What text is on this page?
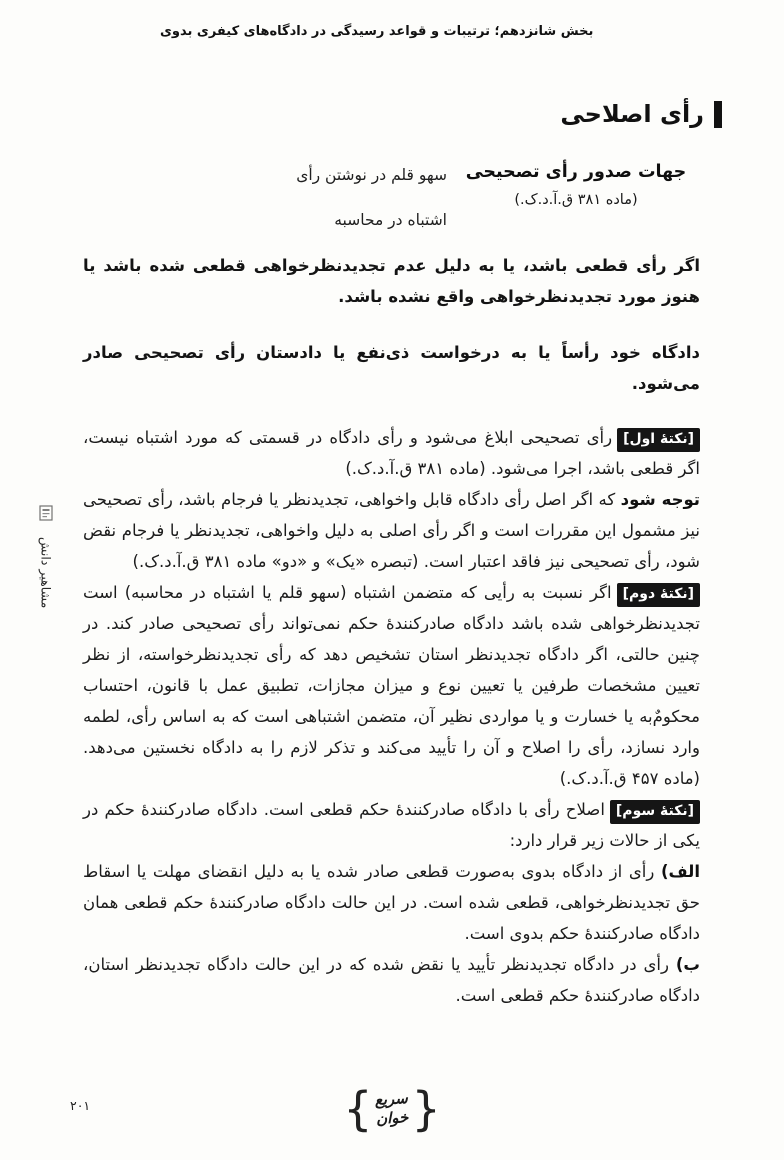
بخش شانزدهم؛ ترتیبات و قواعد رسیدگی در دادگاه‌های کیفری بدوی
رأی اصلاحی
جهات صدور رأی تصحیحی
(ماده ۳۸۱ ق.آ.د.ک.)
سهو قلم در نوشتن رأی
اشتباه در محاسبه

اگر رأی قطعی باشد، یا به دلیل عدم تجدیدنظرخواهی قطعی شده باشد یا هنوز مورد تجدیدنظرخواهی واقع نشده باشد.

دادگاه خود رأساً یا به درخواست ذی‌نفع یا دادستان رأی تصحیحی صادر می‌شود.

[نکتهٔ اول]رأی تصحیحی ابلاغ می‌شود و رأی دادگاه در قسمتی که مورد اشتباه نیست، اگر قطعی باشد، اجرا می‌شود. (ماده ۳۸۱ ق.آ.د.ک.)

توجه شود که اگر اصل رأی دادگاه قابل واخواهی، تجدیدنظر یا فرجام باشد، رأی تصحیحی نیز مشمول این مقررات است و اگر رأی اصلی به دلیل واخواهی، تجدیدنظر یا فرجام نقض شود، رأی تصحیحی نیز فاقد اعتبار است. (تبصره «یک» و «دو» ماده ۳۸۱ ق.آ.د.ک.)

[نکتهٔ دوم]اگر نسبت به رأیی که متضمن اشتباه (سهو قلم یا اشتباه در محاسبه) است تجدیدنظرخواهی شده باشد دادگاه صادرکنندهٔ حکم نمی‌تواند رأی تصحیحی صادر کند. در چنین حالتی، اگر دادگاه تجدیدنظر استان تشخیص دهد که رأی تجدیدنظرخواسته، از نظر تعیین مشخصات طرفین یا تعیین نوع و میزان مجازات، تطبیق عمل با قانون، احتساب محکومٌ‌به یا خسارت و یا مواردی نظیر آن، متضمن اشتباهی است که به اساس رأی، لطمه وارد نسازد، رأی را اصلاح و آن را تأیید می‌کند و تذکر لازم را به دادگاه نخستین می‌دهد. (ماده ۴۵۷ ق.آ.د.ک.)

[نکتهٔ سوم]اصلاح رأی با دادگاه صادرکنندهٔ حکم قطعی است. دادگاه صادرکنندهٔ حکم در یکی از حالات زیر قرار دارد:

الف) رأی از دادگاه بدوی به‌صورت قطعی صادر شده یا به دلیل انقضای مهلت یا اسقاط حق تجدیدنظرخواهی، قطعی شده است. در این حالت دادگاه صادرکنندهٔ حکم قطعی همان دادگاه صادرکنندهٔ حکم بدوی است.

ب) رأی در دادگاه تجدیدنظر تأیید یا نقض شده که در این حالت دادگاه تجدیدنظر استان، دادگاه صادرکنندهٔ حکم قطعی است.

مشاهیر دانش
{
سریع
خوان
}
۲۰۱
